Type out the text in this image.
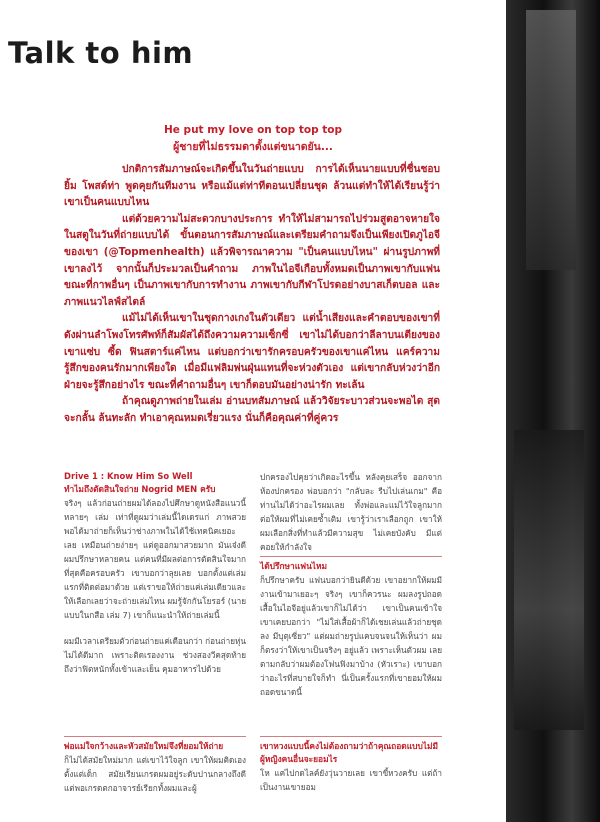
Talk to him
He put my love on top top top
ผู้ชายที่ไม่ธรรมดาตั้งแต่ขนาดยัน...

ปกติการสัมภาษณ์จะเกิดขึ้นในวันถ่ายแบบ การได้เห็นนายแบบที่ชื่นชอบยิ้ม โพสต์ท่า พูดคุยกันทีมงาน หรือแม้แต่ท่าทีตอนเปลี่ยนชุด ล้วนแต่ทำให้ได้เรียนรู้ว่าเขาเป็นคนแบบไหน

แต่ด้วยความไม่สะดวกบางประการ ทำให้ไม่สามารถไปร่วมสูตอาจหายใจในสตูในวันที่ถ่ายแบบได้ ขั้นตอนการสัมภาษณ์และเตรียมคำถามจึงเป็นเพียงเปิดภูไอจีของเขา (@Topmenhealth) แล้วพิจารณาความ "เป็นคนแบบไหน" ผ่านรูปภาพที่เขาลงไว้ จากนั้นก็ประมวลเป็นคำถาม ภาพในไอจีเกือบทั้งหมดเป็นภาพเขากับแฟน ขณะที่กาพอื่นๆ เป็นภาพเขากับการทำงาน ภาพเขากับกีฬาโปรดอย่างบาสเก็ตบอล และภาพแนวไลฟ์สไตล์

แม้ไม่ได้เห็นเขาในชุดกางเกงในตัวเดียว แต่น้ำเสียงและคำตอบของเขาที่ดังผ่านลำโพงโทรศัพท์ก็สัมผัสได้ถึงความความเซ็กซี่ เขาไม่ได้บอกว่าลีลาบนเตียงของเขาแซ่บ ซี้ด ฟินสตาร์แค่ไหน แต่บอกว่าเขารักครอบครัวของเขาแค่ไหน แคร์ความรู้สึกของคนรักมากเพียงใด เมื่อมีแฟลิมพ่นฝุ่นแทนที่จะห่วงตัวเอง แต่เขากลับห่วงว่าอีกฝ่ายจะรู้สึกอย่างไร ขณะที่คำถามอื่นๆ เขาก็ตอบมันอย่างน่ารัก ทะเล้น

ถ้าคุณดูภาพถ่ายในเล่ม อ่านบทสัมภาษณ์ แล้ววิจัยระบาวส่วนจะพอได สุดจะกลั้น ล้นทะลัก ทำเอาคุณหมดเรี่ยวแรง นั่นก็คือคุณค่าที่คู่ควร

Drive 1 : Know Him So Well
ทำไมถึงตัดสินใจถ่าย Nogrid MEN ครับ

จริงๆ แล้วก่อนถ่ายผมได้ลองไปศึกษาดูหนังสือแนวนี้หลายๆ เล่ม เท่าที่ดูผมว่าเล่มนี้ไดเดรแก่ ภาพสวย พอได้มาถ่ายก็เห็นว่าช่างภาพในได้ใช้เทคนิคเยอะเลย เหมือนถ่ายง่ายๆ แต่ดูออกมาสวยมาก มันเจ๋งดี ผมปรึกษาหลายคน แต่คนที่มีผลต่อการตัดสินใจมากที่สุดคือครอบครัว เขาบอกว่าลุยเลย บอกตั้งแต่เล่มแรกที่ติดต่อมาด้วย แต่เราขอให้ถ่ายแค่เล่มเดียวและให้เลือกเลยว่าจะถ่ายเล่มไหน ผมรู้จักกันโยรอร์ (นายแบบในกสือ เล่ม 7) เขาก็แนะนำให้ถ่ายเล่มนี้

ผมมีเวลาเตรียมตัวก่อนถ่ายแค่เดือนกว่า ก่อนถ่ายหุ่นไม่ได้ดีมาก เพราะติดเรองงาน ช่วงสองวีคสุดท้ายถึงว่าฟิตหนักทั้งเข้าและเย็น คุมอาหารไปด้วย

พ่อแม่ใจกว้างและหัวสมัยใหม่จึงที่ยอมให้ถ่าย

ก็ไม่ได้สมัยใหม่มาก แต่เขาไว้ใจลูก เขาให้ผมคิดเองตั้งแต่เด็ก สมัยเรียนเกรดผมอยู่ระดับปานกลางถึงดี แต่พอเกรดตกอาจารย์เรียกทั้งผมและผู้

ปกครองไปคุยว่าเกิดอะไรขึ้น หลังคุยเสร็จ ออกจากห้องปกครอง พ่อบอกว่า "กลับละ รีบไปเล่นเกม" คือท่านไม่ได้ว่าอะไรผมเลย ทั้งพ่อและแม่ไว้ใจลูกมาก ต่อให้ผมที่ไม่เคยซ้ำเติม เขารู้ว่าเราเลือกถูก เขาให้ผมเลือกสิ่งที่ทำแล้วมีความสุข ไม่เคยบังคับ มีแต่คอยให้กำลังใจ

ได้ปรึกษาแฟนไหม

ก็ปรึกษาครับ แฟนบอกว่ายินดีด้วย เขาอยากให้ผมมีงานเข้ามาเยอะๆ จริงๆ เขาก็ควรนะ ผมลงรูปถอดเสื้อในไอจีอยู่แล้วเขาก็ไม่ได้ว่า เขาเป็นคนเข้าใจ เขาเคยบอกว่า "ไม่ใส่เสื้อผ้าก็ได้เชยเล่นแล้วถ่ายชุดลง มีบุตุเซี่ยว" แต่ผมถ่ายรูปแคบจนจนให้เห็นว่า ผมก็ตรงว่าให้เขาเป็นจริงๆ อยู่แล้ว เพราะเห็นตัวผม เลยตามกลับว่าผมต้องโฟนฟิงมาบ้าง (หัวเราะ) เขาบอกว่าอะไรที่สบายใจก็ทำ นี่เป็นครั้งแรกที่เขายอมให้ผมถอดขนาดนี้

เขาหวงแบบนี้คงไม่ต้องถามว่าถ้าคุณถอดแบบไม่มีผู้หญิงคนอื่นจะยอมไร

โห แค่ไปกดไลค์ยังวุ่นวายเลย เขาขี้หวงครับ แต่ถ้าเป็นงานเขายอม
